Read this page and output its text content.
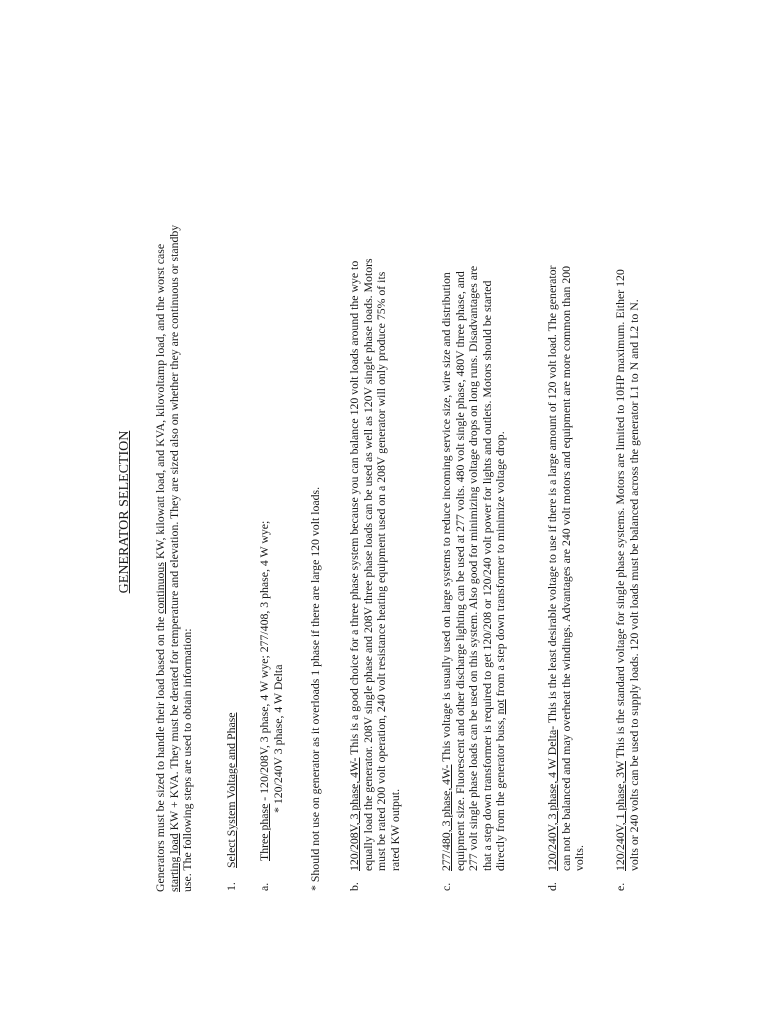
GENERATOR SELECTION
Generators must be sized to handle their load based on the continuous KW, kilowatt load, and KVA, kilovoltamp load, and the worst case
starting load KW + KVA. They must be derated for temperature and elevation. They are sized also on whether they are continuous or standby use. The following steps are used to obtain information:	1.
Select System Voltage and Phase
a.
Three phase - 120/208V, 3 phase, 4 W wye; 277/408, 3 phase, 4 W wye; * 120/240V 3 phase, 4 W Delta * Should not use on generator as it overloads 1 phase if there are large 120 volt loads. b.
120/208V, 3 phase, 4W- This is a good choice for a three phase system because you can balance 120 volt loads around the wye to equally load the generator. 208V single phase and 208V three phase loads can be used as well as 120V single phase loads. Motors must be rated 200 volt operation, 240 volt resistance heating equipment used on a 208V generator will only produce 75% of its rated KW output.
c.
277/480, 3 phase, 4W- This voltage is usually used on large systems to reduce incoming service size, wire size and distribution equipment size. Fluorescent and other discharge lighting can be used at 277 volts. 480 volt single phase, 480V three phase, and 277 volt single phase loads can be used on this system. Also good for minimizing voltage drops on long runs. Disadvantages are that a step down transformer is required to get 120/208 or 120/240 volt power for lights and outlets. Motors should be started directly from the generator buss, not from a step down transformer to minimize voltage drop.
d.
120/240V, 3 phase, 4 W Delta- This is the least desirable voltage to use if there is a large amount of 120 volt load. The generator can not be balanced and may overheat the windings. Advantages are 240 volt motors and equipment are more common than 200 volts.
e.
120/240V, 1 phase, 3W This is the standard voltage for single phase systems. Motors are limited to 10HP maximum. Either 120 volts or 240 volts can be used to supply loads. 120 volt loads must be balanced across the generator L1 to N and L2 to N.
